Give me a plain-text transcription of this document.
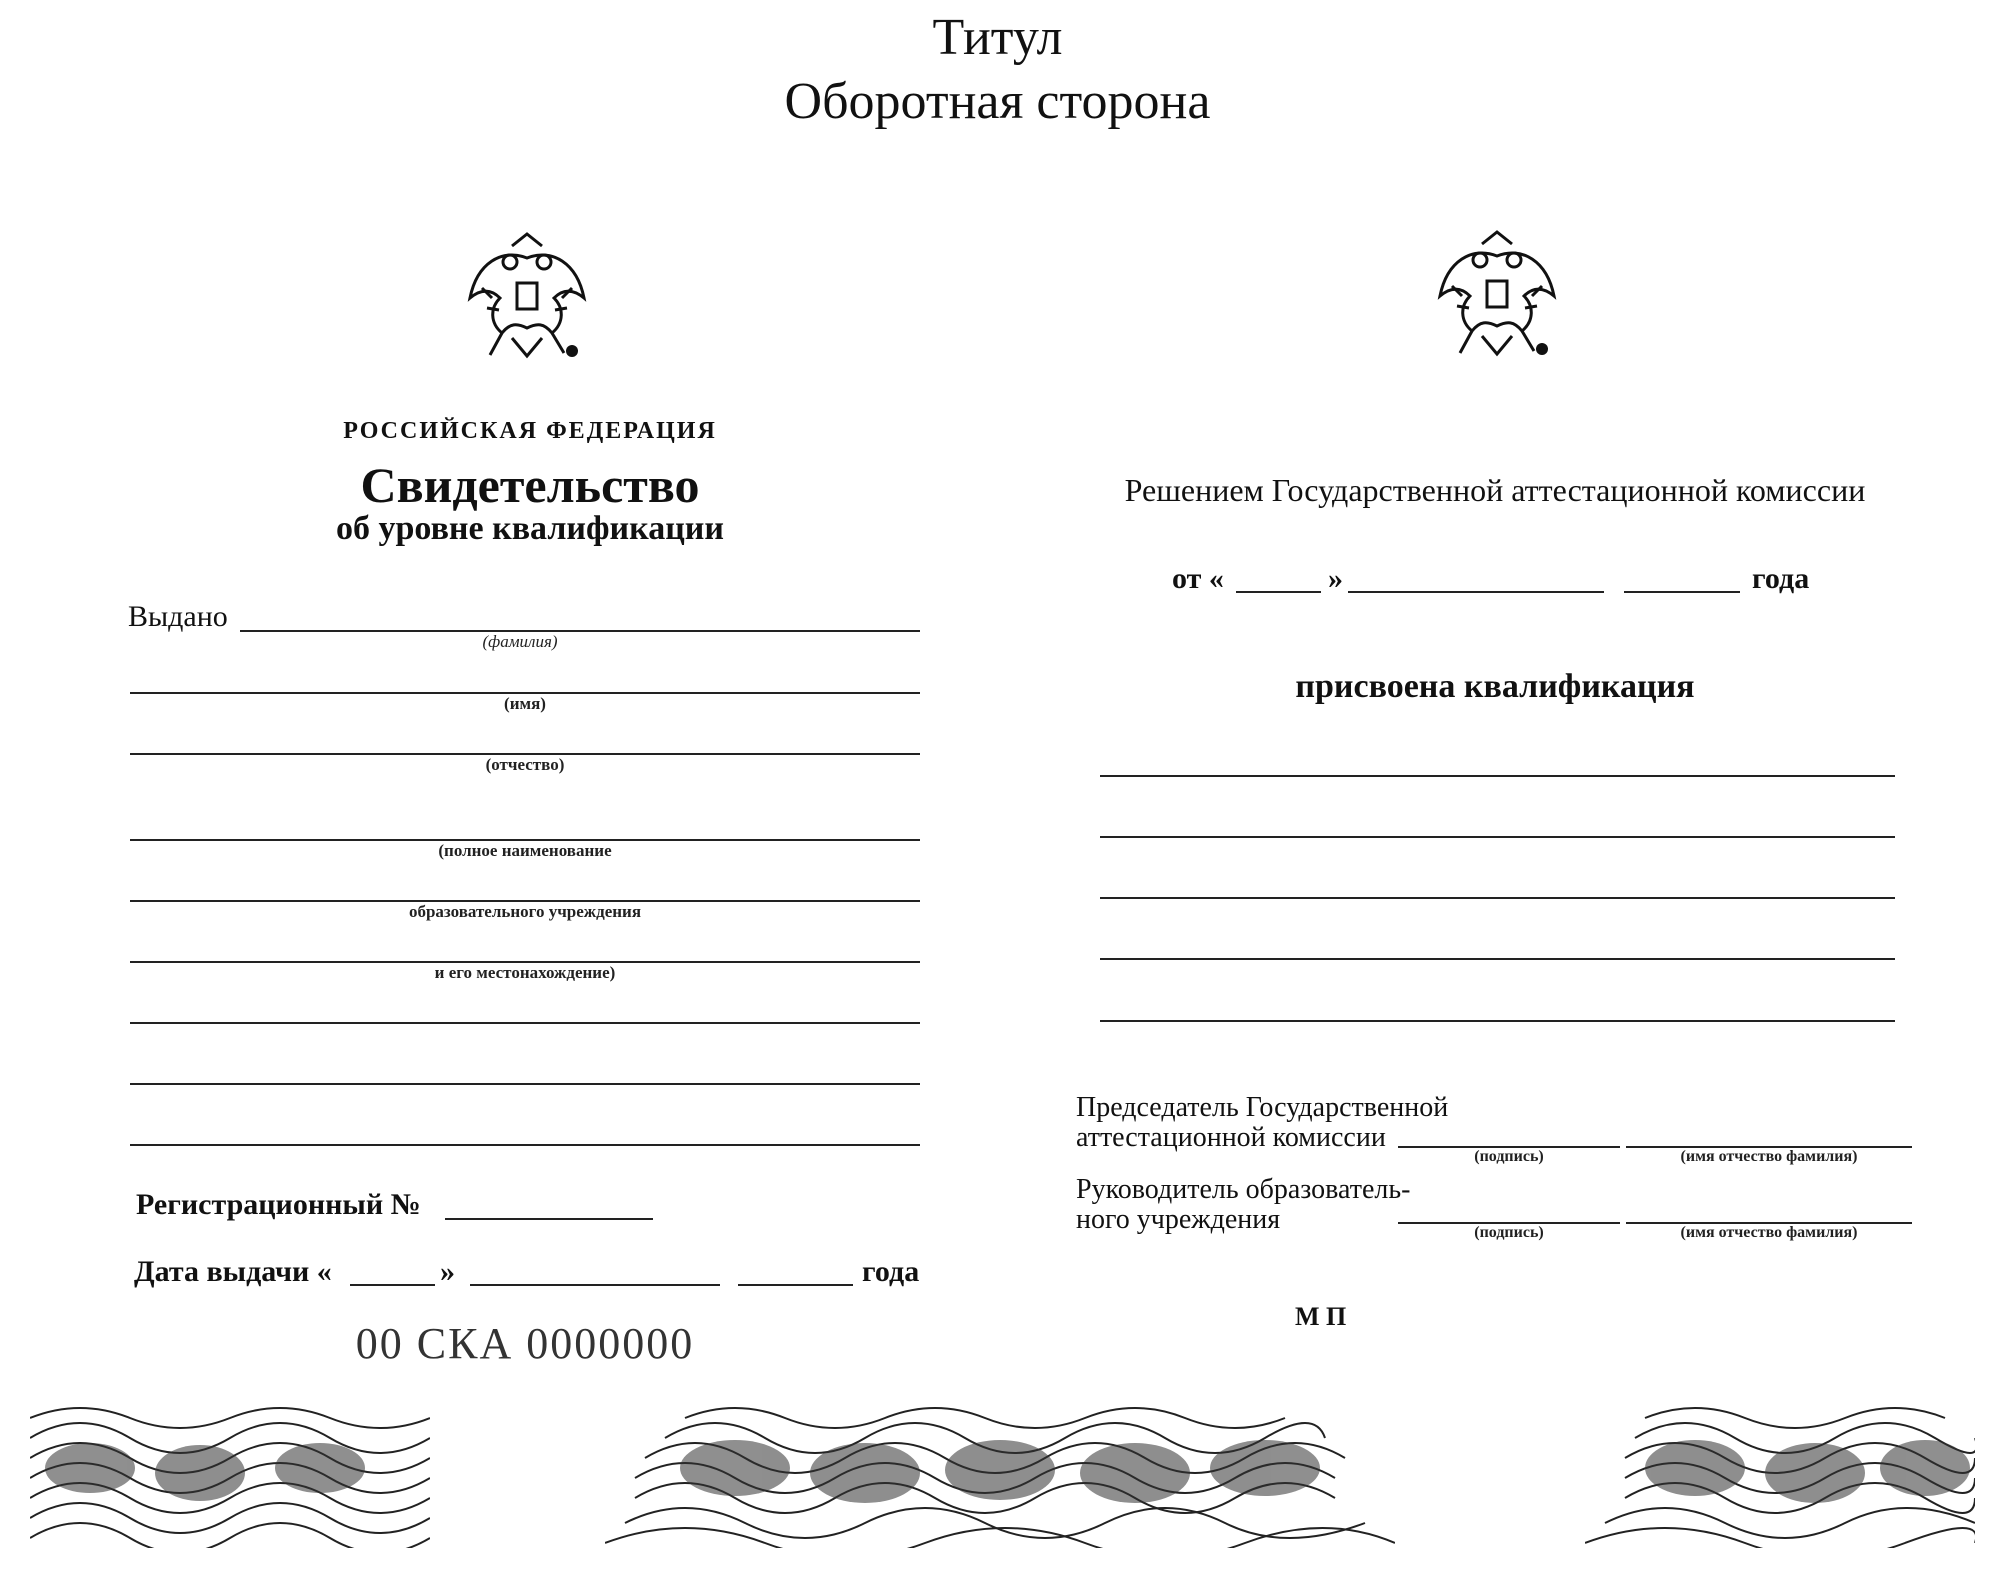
Титул
Оборотная сторона
РОССИЙСКАЯ ФЕДЕРАЦИЯ
Свидетельство
об уровне квалификации
Выдано
(фамилия)
(имя)
(отчество)
(полное наименование
образовательного учреждения
и его местонахождение)
Регистрационный №
Дата выдачи «	»	года
00 СКА 0000000
Решением Государственной аттестационной комиссии
от «	»	года
присвоена квалификация
Председатель Государственной
аттестационной комиссии
(подпись)	(имя отчество фамилия)
Руководитель образователь-
ного учреждения	(подпись)	(имя отчество фамилия)
М П
